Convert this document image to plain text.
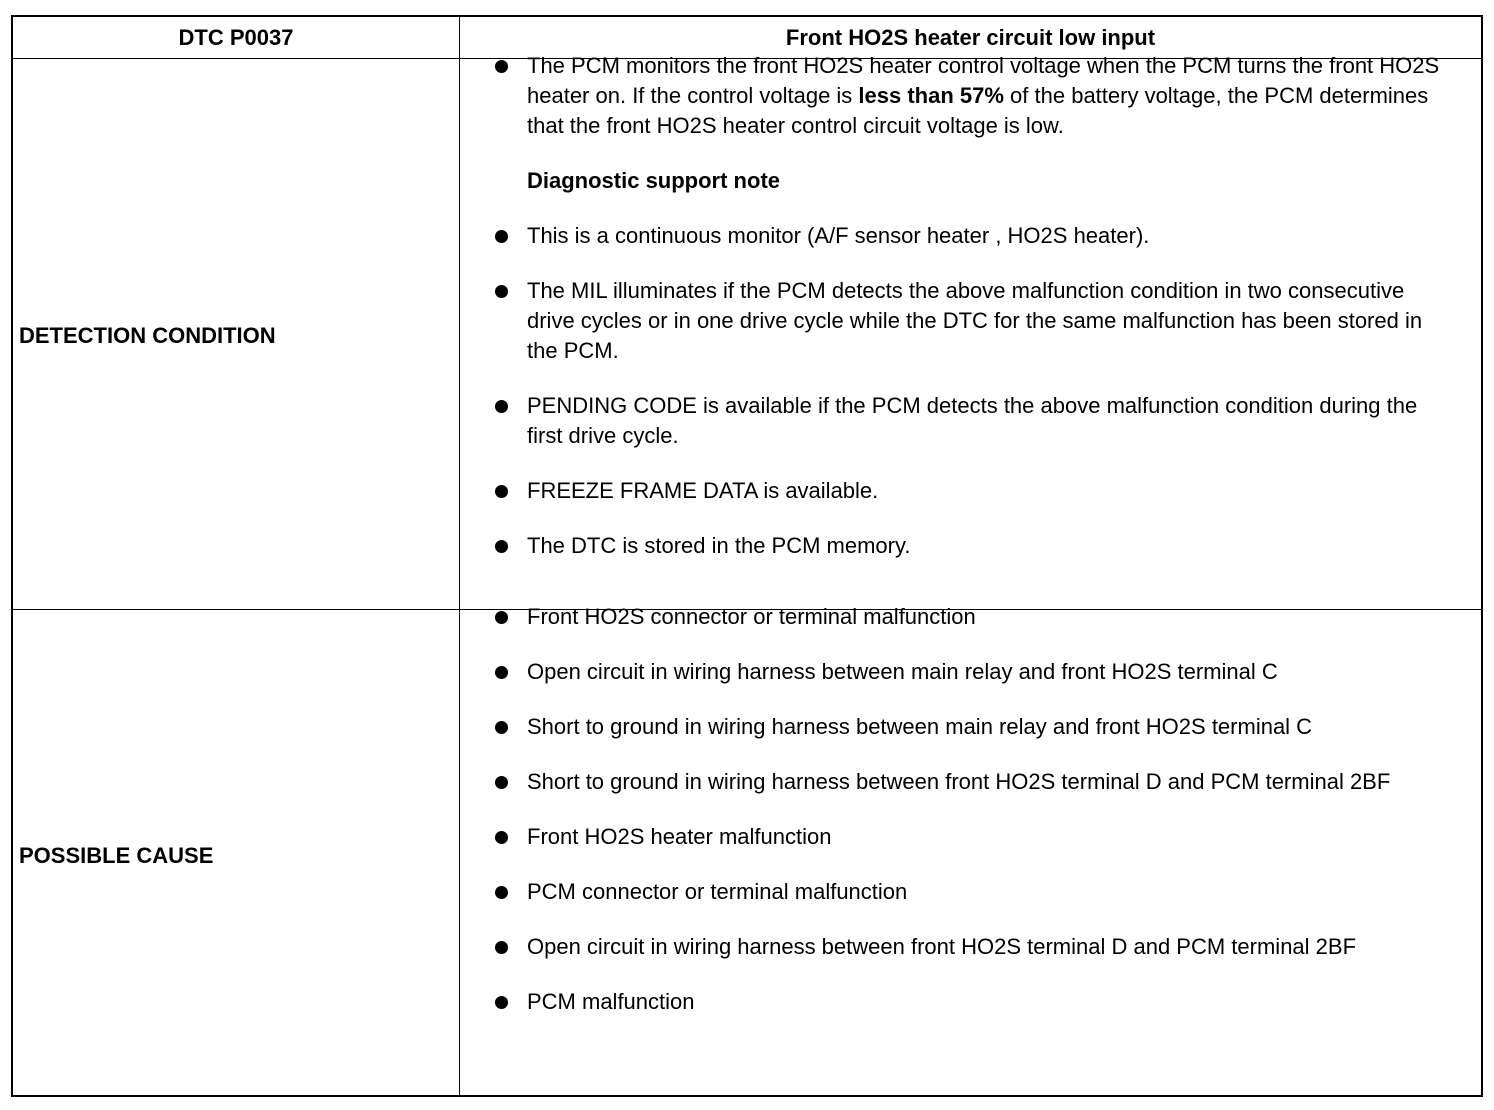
DTC P0037	Front HO2S heater circuit low input
DETECTION CONDITION
POSSIBLE CAUSE
The PCM monitors the front HO2S heater control voltage when the PCM turns the front HO2S heater on. If the control voltage is less than 57% of the battery voltage, the PCM determines that the front HO2S heater control circuit voltage is low.
Diagnostic support note
This is a continuous monitor (A/F sensor heater , HO2S heater).
The MIL illuminates if the PCM detects the above malfunction condition in two consecutive drive cycles or in one drive cycle while the DTC for the same malfunction has been stored in the PCM.
PENDING CODE is available if the PCM detects the above malfunction condition during the first drive cycle.
FREEZE FRAME DATA is available.
The DTC is stored in the PCM memory.
Front HO2S connector or terminal malfunction
Open circuit in wiring harness between main relay and front HO2S terminal C
Short to ground in wiring harness between main relay and front HO2S terminal C
Short to ground in wiring harness between front HO2S terminal D and PCM terminal 2BF
Front HO2S heater malfunction
PCM connector or terminal malfunction
Open circuit in wiring harness between front HO2S terminal D and PCM terminal 2BF
PCM malfunction
